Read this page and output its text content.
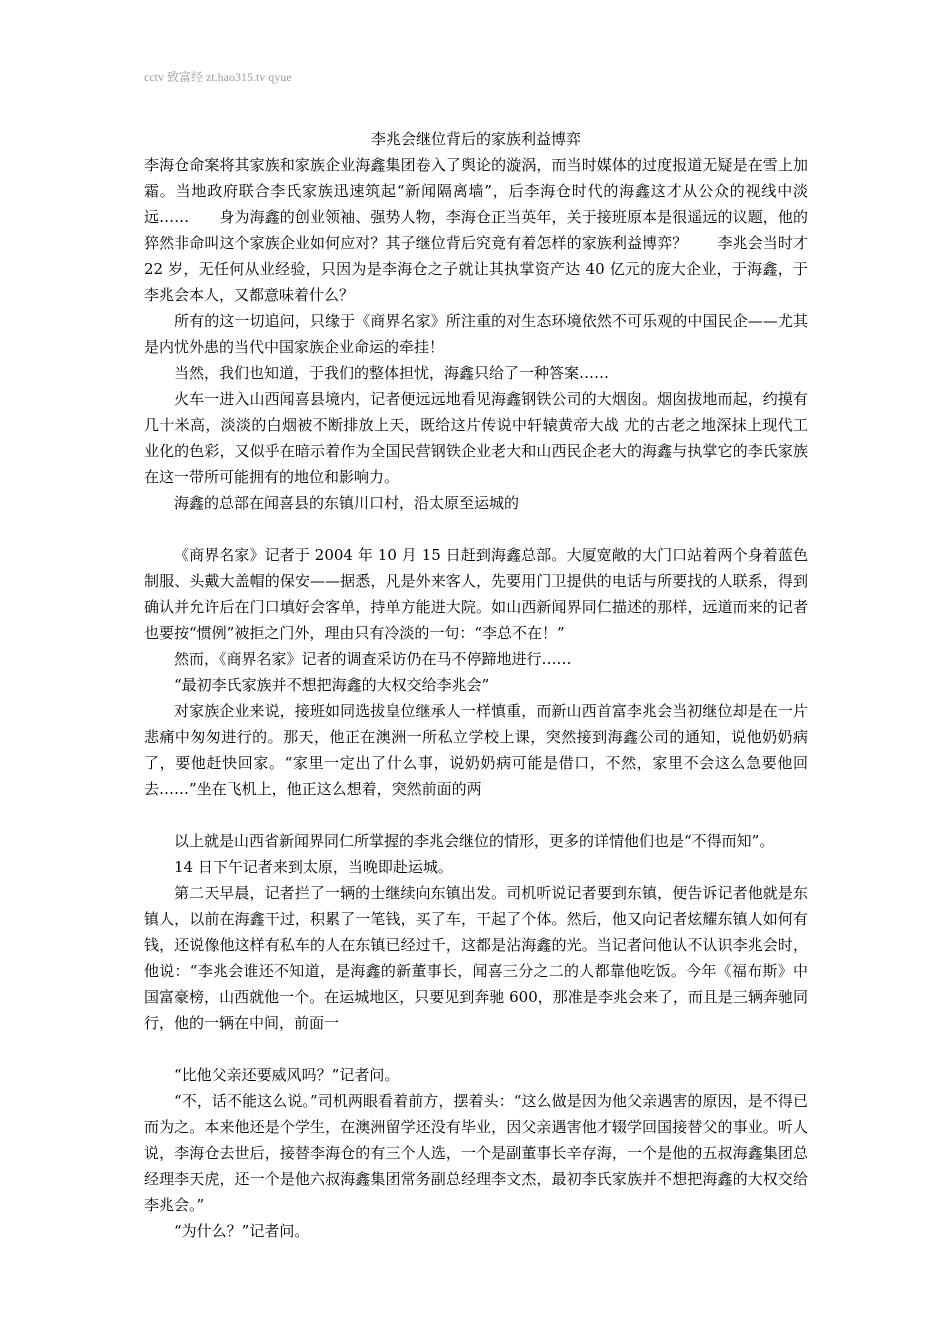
cctv 致富经 zt.hao315.tv qyue
李兆会继位背后的家族利益博弈

李海仓命案将其家族和家族企业海鑫集团卷入了舆论的漩涡，而当时媒体的过度报道无疑是在雪上加霜。当地政府联合李氏家族迅速筑起“新闻隔离墙”，后李海仓时代的海鑫这才从公众的视线中淡远……　　身为海鑫的创业领袖、强势人物，李海仓正当英年，关于接班原本是很遥远的议题，他的猝然非命叫这个家族企业如何应对？其子继位背后究竟有着怎样的家族利益博弈？　　李兆会当时才 22 岁，无任何从业经验，只因为是李海仓之子就让其执掌资产达 40 亿元的庞大企业，于海鑫，于李兆会本人，又都意味着什么？

所有的这一切追问，只缘于《商界名家》所注重的对生态环境依然不可乐观的中国民企——尤其是内忧外患的当代中国家族企业命运的牵挂！

当然，我们也知道，于我们的整体担忧，海鑫只给了一种答案……

火车一进入山西闻喜县境内，记者便远远地看见海鑫钢铁公司的大烟囱。烟囱拔地而起，约摸有几十米高，淡淡的白烟被不断排放上天，既给这片传说中轩辕黄帝大战 尤的古老之地深抹上现代工业化的色彩，又似乎在暗示着作为全国民营钢铁企业老大和山西民企老大的海鑫与执掌它的李氏家族在这一带所可能拥有的地位和影响力。

海鑫的总部在闻喜县的东镇川口村，沿太原至运城的

《商界名家》记者于 2004 年 10 月 15 日赶到海鑫总部。大厦宽敞的大门口站着两个身着蓝色制服、头戴大盖帽的保安——据悉，凡是外来客人，先要用门卫提供的电话与所要找的人联系，得到确认并允许后在门口填好会客单，持单方能进大院。如山西新闻界同仁描述的那样，远道而来的记者也要按“惯例”被拒之门外，理由只有冷淡的一句：“李总不在！”

然而，《商界名家》记者的调查采访仍在马不停蹄地进行……

“最初李氏家族并不想把海鑫的大权交给李兆会”

对家族企业来说，接班如同选拔皇位继承人一样慎重，而新山西首富李兆会当初继位却是在一片悲痛中匆匆进行的。那天，他正在澳洲一所私立学校上课，突然接到海鑫公司的通知，说他奶奶病了，要他赶快回家。“家里一定出了什么事，说奶奶病可能是借口，不然，家里不会这么急要他回去……”坐在飞机上，他正这么想着，突然前面的两

以上就是山西省新闻界同仁所掌握的李兆会继位的情形，更多的详情他们也是“不得而知”。

14 日下午记者来到太原，当晚即赴运城。

第二天早晨，记者拦了一辆的士继续向东镇出发。司机听说记者要到东镇，便告诉记者他就是东镇人，以前在海鑫干过，积累了一笔钱，买了车，干起了个体。然后，他又向记者炫耀东镇人如何有钱，还说像他这样有私车的人在东镇已经过千，这都是沾海鑫的光。当记者问他认不认识李兆会时，他说：“李兆会谁还不知道，是海鑫的新董事长，闻喜三分之二的人都靠他吃饭。今年《福布斯》中国富豪榜，山西就他一个。在运城地区，只要见到奔驰 600，那准是李兆会来了，而且是三辆奔驰同行，他的一辆在中间，前面一

“比他父亲还要威风吗？”记者问。

“不，话不能这么说。”司机两眼看着前方，摆着头：“这么做是因为他父亲遇害的原因，是不得已而为之。本来他还是个学生，在澳洲留学还没有毕业，因父亲遇害他才辍学回国接替父的事业。听人说，李海仓去世后，接替李海仓的有三个人选，一个是副董事长辛存海，一个是他的五叔海鑫集团总经理李天虎，还一个是他六叔海鑫集团常务副总经理李文杰，最初李氏家族并不想把海鑫的大权交给李兆会。”

“为什么？”记者问。
